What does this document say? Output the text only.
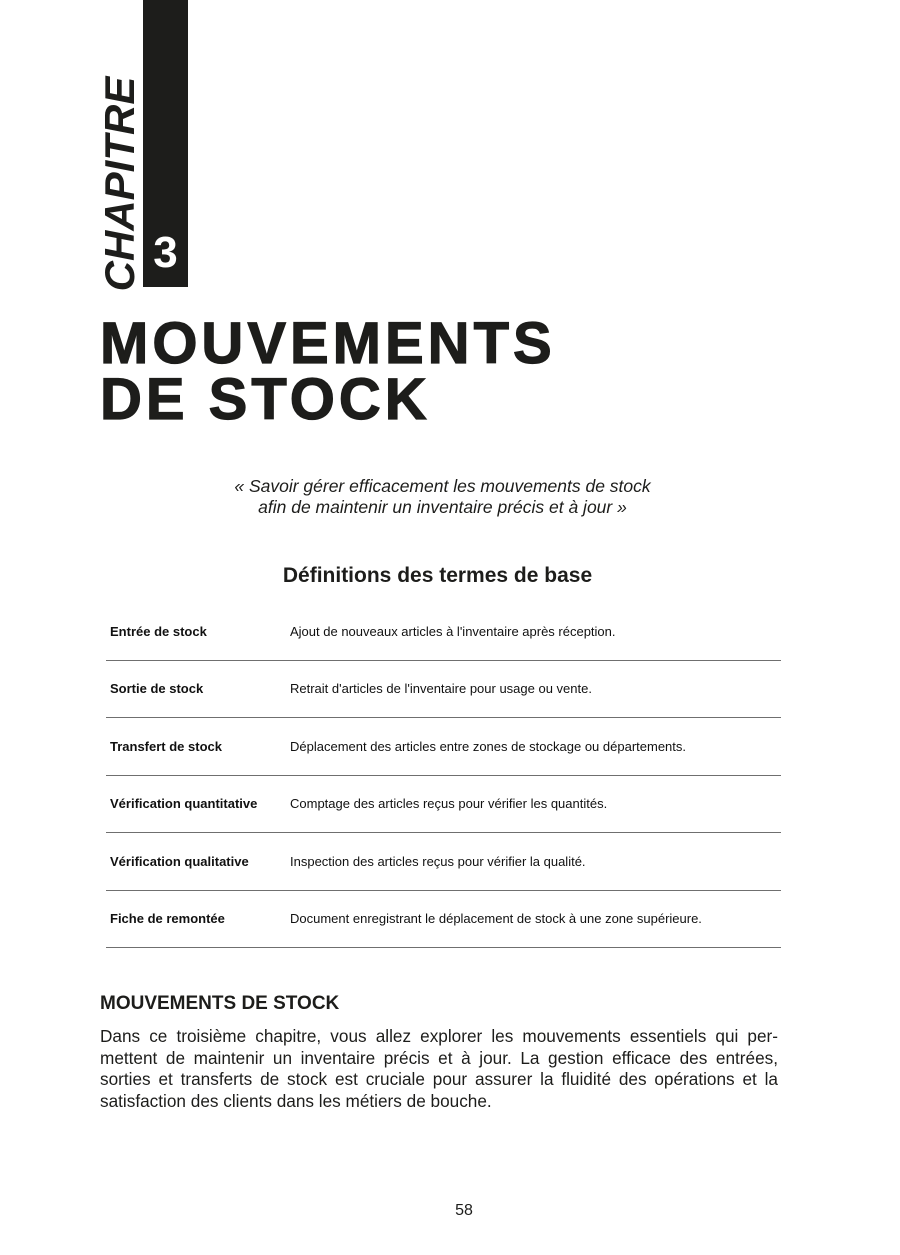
3
CHAPITRE
MOUVEMENTS
DE STOCK
« Savoir gérer efficacement les mouvements de stock
afin de maintenir un inventaire précis et à jour »
Définitions des termes de base
Entrée de stock	Ajout de nouveaux articles à l'inventaire après réception.
Sortie de stock	Retrait d'articles de l'inventaire pour usage ou vente.
Transfert de stock	Déplacement des articles entre zones de stockage ou départements.
Vérification quantitative	Comptage des articles reçus pour vérifier les quantités.
Vérification qualitative	Inspection des articles reçus pour vérifier la qualité.
Fiche de remontée	Document enregistrant le déplacement de stock à une zone supérieure.
MOUVEMENTS DE STOCK

Dans ce troisième chapitre, vous allez explorer les mouvements essentiels qui per-
mettent de maintenir un inventaire précis et à jour. La gestion efficace des entrées,
sorties et transferts de stock est cruciale pour assurer la fluidité des opérations et la
satisfaction des clients dans les métiers de bouche.

58
